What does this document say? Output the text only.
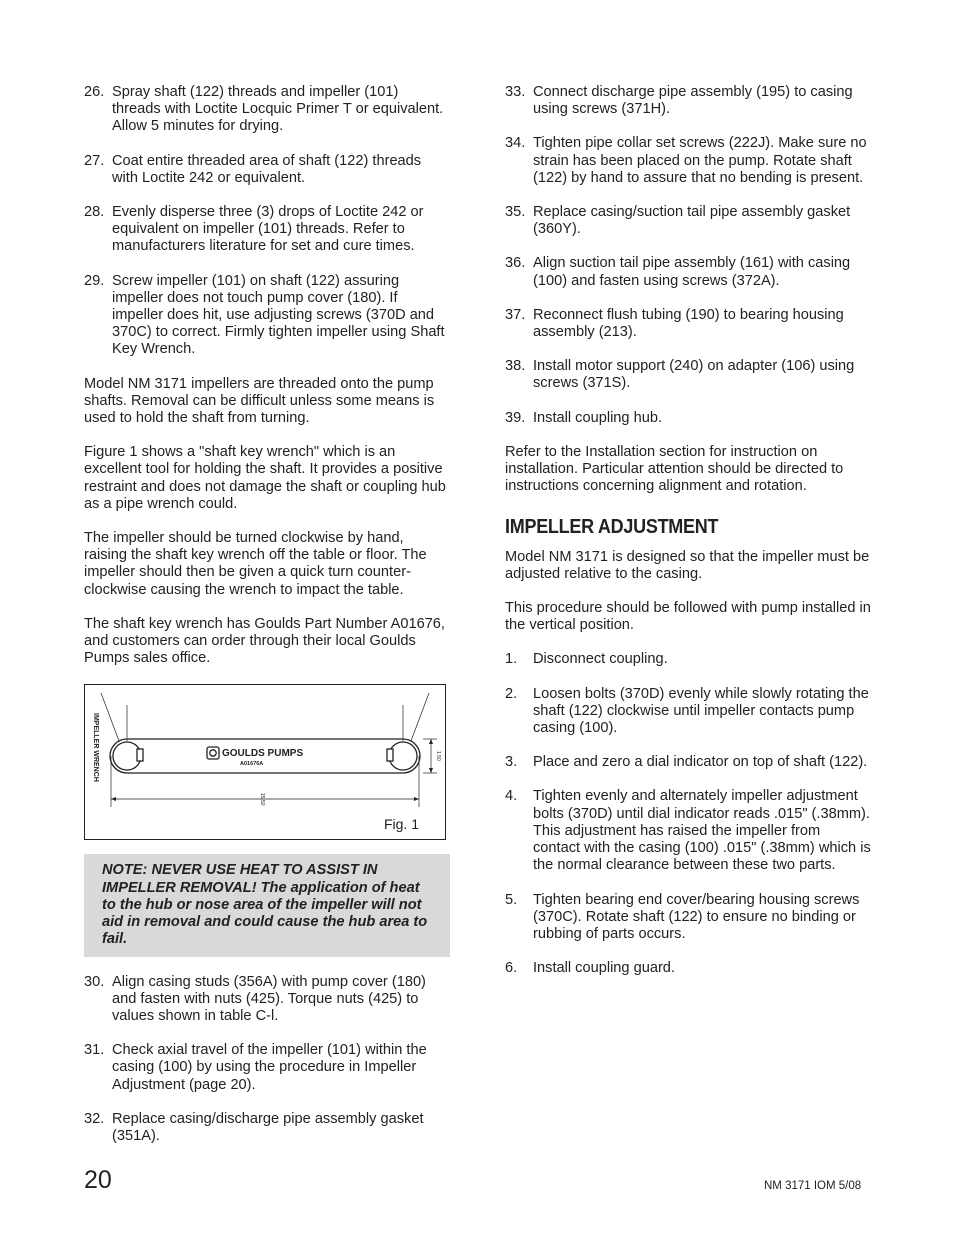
26. Spray shaft (122) threads and impeller (101) threads with Loctite Locquic Primer T or equivalent. Allow 5 minutes for drying.
27. Coat entire threaded area of shaft (122) threads with Loctite 242 or equivalent.
28. Evenly disperse three (3) drops of Loctite 242 or equivalent on impeller (101) threads. Refer to manufacturers literature for set and cure times.
29. Screw impeller (101) on shaft (122) assuring impeller does not touch pump cover (180). If impeller does hit, use adjusting screws (370D and 370C) to correct. Firmly tighten impeller using Shaft Key Wrench.

Model NM 3171 impellers are threaded onto the pump shafts. Removal can be difficult unless some means is used to hold the shaft from turning.

Figure 1 shows a "shaft key wrench" which is an excellent tool for holding the shaft. It provides a positive restraint and does not damage the shaft or coupling hub as a pipe wrench could.

The impeller should be turned clockwise by hand, raising the shaft key wrench off the table or floor. The impeller should then be given a quick turn counter-clockwise causing the wrench to impact the table.

The shaft key wrench has Goulds Part Number A01676, and customers can order through their local Goulds Pumps sales office.

IMPELLER WRENCH	GOULDS PUMPS
A01676A
15.50
1.50
Fig. 1
NOTE: NEVER USE HEAT TO ASSIST IN IMPELLER REMOVAL! The application of heat to the hub or nose area of the impeller will not aid in removal and could cause the hub area to fail.
30. Align casing studs (356A) with pump cover (180) and fasten with nuts (425). Torque nuts (425) to values shown in table C-l.
31. Check axial travel of the impeller (101) within the casing (100) by using the procedure in Impeller Adjustment (page 20).
32. Replace casing/discharge pipe assembly gasket (351A).
33. Connect discharge pipe assembly (195) to casing using screws (371H).
34. Tighten pipe collar set screws (222J). Make sure no strain has been placed on the pump. Rotate shaft (122) by hand to assure that no bending is present.
35. Replace casing/suction tail pipe assembly gasket (360Y).
36. Align suction tail pipe assembly (161) with casing (100) and fasten using screws (372A).
37. Reconnect flush tubing (190) to bearing housing assembly (213).
38. Install motor support (240) on adapter (106) using screws (371S).
39. Install coupling hub.

Refer to the Installation section for instruction on installation. Particular attention should be directed to instructions concerning alignment and rotation.

IMPELLER ADJUSTMENT

Model NM 3171 is designed so that the impeller must be adjusted relative to the casing.

This procedure should be followed with pump installed in the vertical position.

1.	Disconnect coupling.
2.	Loosen bolts (370D) evenly while slowly rotating the shaft (122) clockwise until impeller contacts pump casing (100).
3.	Place and zero a dial indicator on top of shaft (122).
4.	Tighten evenly and alternately impeller adjustment bolts (370D) until dial indicator reads .015" (.38mm). This adjustment has raised the impeller from contact with the casing (100) .015" (.38mm) which is the normal clearance between these two parts.
5.	Tighten bearing end cover/bearing housing screws (370C). Rotate shaft (122) to ensure no binding or rubbing of parts occurs.
6.	Install coupling guard.
20	NM 3171 IOM 5/08
